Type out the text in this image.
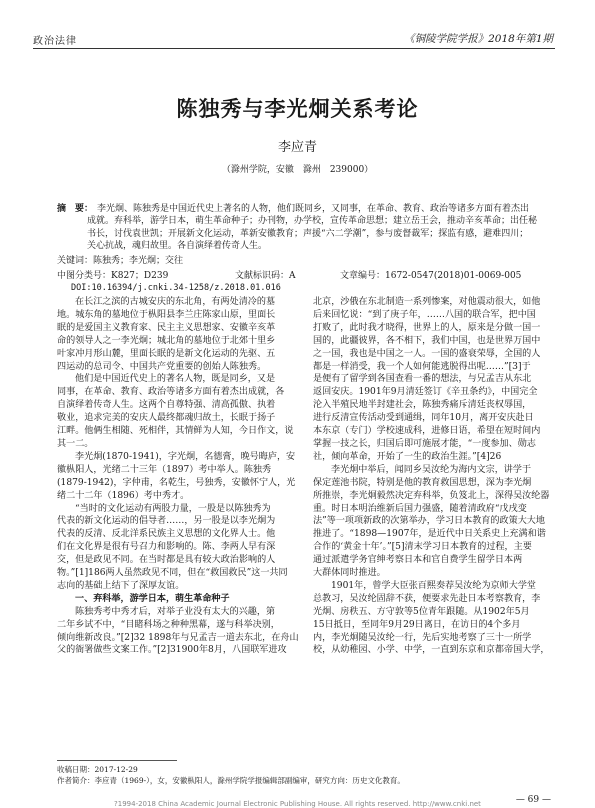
政治法律	《铜陵学院学报》2018年第1期
陈独秀与李光炯关系考论
李应青
（滁州学院，安徽　滁州　239000）
摘　要： 李光炯、陈独秀是中国近代史上著名的人物，他们既同乡，又同事，在革命、教育、政治等诸多方面有着杰出
成就。弃科举，游学日本，萌生革命种子；办刊物，办学校，宣传革命思想；建立岳王会，推动辛亥革命；出任秘
书长，讨伐袁世凯；开展新文化运动，革新安徽教育；声援“六二学潮”，参与废督裁军；探监有感，避难四川；
关心抗战，魂归故里。各自演绎着传奇人生。
关键词：陈独秀；李光炯；交往
中图分类号：K827；D239	文献标识码：A	文章编号：1672-0547(2018)01-0069-005
DOI:10.16394/j.cnki.34-1258/z.2018.01.016
在长江之滨的古城安庆的东北角，有两处清冷的墓
地。城东角的墓地位于枞阳县李兰庄陈家山原，里面长
眠的是爱国主义教育家、民主主义思想家、安徽辛亥革
命的领导人之一李光炯；城北角的墓地位于北郊十里乡
叶家冲月形山麓，里面长眠的是新文化运动的先驱、五
四运动的总司令、中国共产党重要的创始人陈独秀。
他们是中国近代史上的著名人物，既是同乡，又是
同事，在革命、教育、政治等诸多方面有着杰出成就，各
自演绎着传奇人生。这两个自尊特强、清高孤傲、执着
敬业，追求完美的安庆人最终都魂归故土，长眠于扬子
江畔。他俩生相随、死相伴，其情鲜为人知，今日作文，说
其一二。
李光炯(1870-1941)，字光炯，名德膏，晚号晦庐，安
徽枞阳人，光绪二十三年（1897）考中举人。陈独秀
(1879-1942)，字仲甫，名乾生，号独秀，安徽怀宁人，光
绪二十二年（1896）考中秀才。
“当时的文化运动有两股力量，一股是以陈独秀为
代表的新文化运动的倡导者……，另一股是以李光炯为
代表的反清、反北洋系民族主义思想的文化界人士。他
们在文化界是很有号召力和影响的。陈、李两人早有深
交，但是政见不同。在当时都是具有较大政治影响的人
物。”[1]186两人虽然政见不同，但在“救国救民”这一共同
志向的基础上结下了深厚友谊。
一、弃科举，游学日本，萌生革命种子
陈独秀考中秀才后，对举子业没有太大的兴趣，第
二年乡试不中，“目睹科场之种种黑幕，遂与科举决别，
倾向维新改良。”[2]32 1898年与兄孟吉一道去东北，在舟山
父的衙署做些文案工作。”[2]31900年8月，八国联军进攻
北京，沙俄在东北制造一系列惨案，对他震动很大，如他
后来回忆说：“到了庚子年，……八国的联合军，把中国
打败了，此时我才晓得，世界上的人，原来是分做一国一
国的，此疆彼界，各不相下，我们中国，也是世界万国中
之一国，我也是中国之一人。一国的盛衰荣辱，全国的人
都是一样消受，我一个人如何能逃脱得出呢……”[3]于
是便有了留学到各国查看一番的想法，与兄孟吉从东北
返回安庆。1901年9月清廷签订《辛丑条约》，中国完全
沦入半殖民地半封建社会，陈独秀痛斥清廷丧权辱国，
进行反清宣传活动受到通缉，同年10月，离开安庆赴日
本东京（专门）学校速成科，进修日语，希望在短时间内
掌握一技之长，归国后即可施展才能，“一度参加、勋志
社，倾向革命，开始了一生的政治生涯。”[4]26
李光炯中举后，闻同乡吴汝纶为海内文宗，讲学于
保定莲池书院，特别是他的教育救国思想，深为李光炯
所推崇，李光炯毅然决定弃科举，负笈北上，深得吴汝纶器
重。时日本明治维新后国力强盛，随着清政府“戊戌变
法”等一项项新政的次第举办，学习日本教育的政策大大地
推进了。“1898—1907年，是近代中日关系史上充满和谐
合作的‘黄金十年’。”[5]清末学习日本教育的过程，主要
通过派遣学务官绅考察日本和官自费学生留学日本两
大群体同时推进。
1901年，曾学大臣张百熙奏荐吴汝纶为京师大学堂
总教习，吴汝纶固辞不获，便要求先赴日本考察教育，李
光炯、房秩五、方守敦等5位青年跟随。从1902年5月
15日抵日，至同年9月29日离日，在访日的4个多月
内，李光炯随吴汝纶一行，先后实地考察了三十一所学
校，从幼稚园、小学、中学，一直到东京和京都帝国大学，
收稿日期：2017-12-29
作者简介：李应青（1969-），女，安徽枞阳人，滁州学院学报编辑部副编审，研究方向：历史文化教育。
— 69 —
?1994-2018 China Academic Journal Electronic Publishing House. All rights reserved. http://www.cnki.net
